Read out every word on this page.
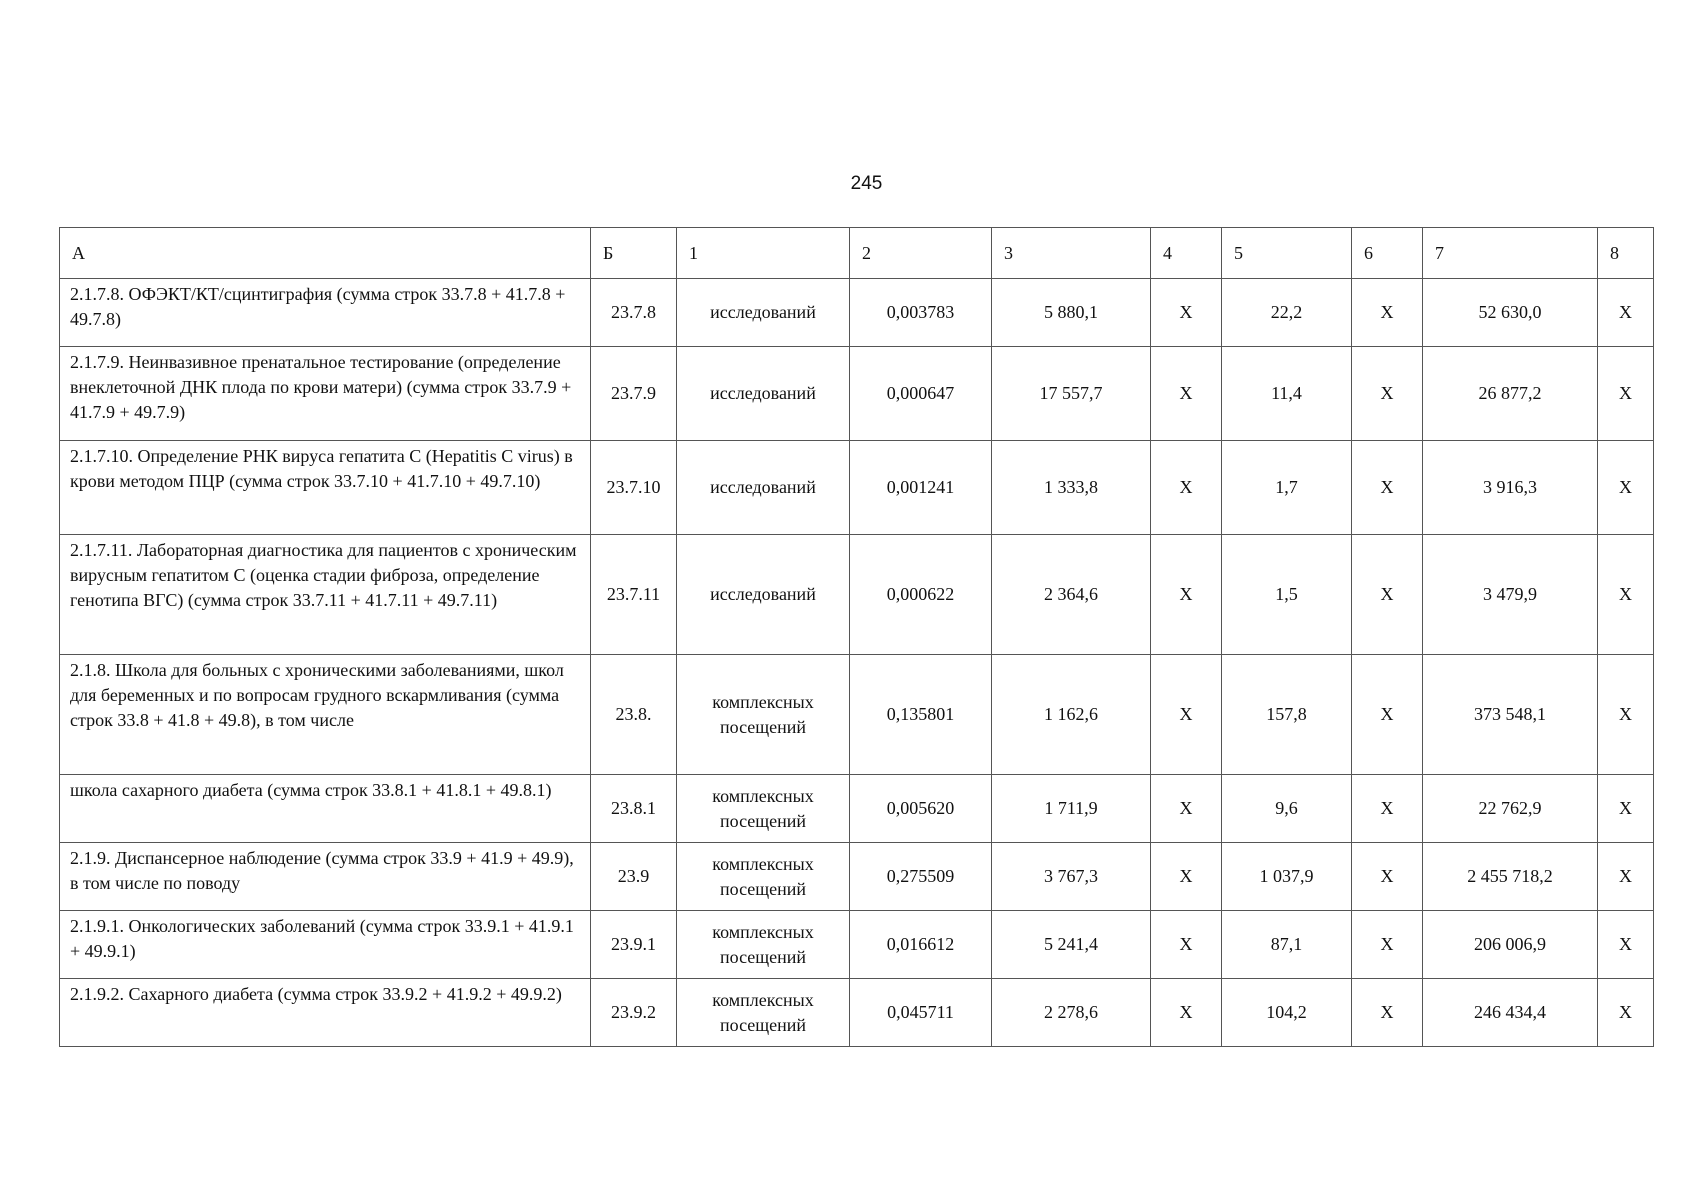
245
А	Б	1	2	3	4	5	6	7	8
2.1.7.8. ОФЭКТ/КТ/сцинтиграфия (сумма строк 33.7.8 + 41.7.8 + 49.7.8)	23.7.8	исследований	0,003783	5 880,1	X	22,2	X	52 630,0	X
2.1.7.9. Неинвазивное пренатальное тестирование (определение внеклеточной ДНК плода по крови матери) (сумма строк 33.7.9 + 41.7.9 + 49.7.9)	23.7.9	исследований	0,000647	17 557,7	X	11,4	X	26 877,2	X
2.1.7.10. Определение РНК вируса гепатита С (Hepatitis C virus) в крови методом ПЦР (сумма строк 33.7.10 + 41.7.10 + 49.7.10)	23.7.10	исследований	0,001241	1 333,8	X	1,7	X	3 916,3	X
2.1.7.11. Лабораторная диагностика для пациентов с хроническим вирусным гепатитом С (оценка стадии фиброза, определение генотипа ВГС) (сумма строк 33.7.11 + 41.7.11 + 49.7.11)	23.7.11	исследований	0,000622	2 364,6	X	1,5	X	3 479,9	X
2.1.8. Школа для больных с хроническими заболеваниями, школ для беременных и по вопросам грудного вскармливания (сумма строк 33.8 + 41.8 + 49.8), в том числе	23.8.	комплексных посещений	0,135801	1 162,6	X	157,8	X	373 548,1	X
школа сахарного диабета (сумма строк 33.8.1 + 41.8.1 + 49.8.1)	23.8.1	комплексных посещений	0,005620	1 711,9	X	9,6	X	22 762,9	X
2.1.9. Диспансерное наблюдение (сумма строк 33.9 + 41.9 + 49.9), в том числе по поводу	23.9	комплексных посещений	0,275509	3 767,3	X	1 037,9	X	2 455 718,2	X
2.1.9.1. Онкологических заболеваний (сумма строк 33.9.1 + 41.9.1 + 49.9.1)	23.9.1	комплексных посещений	0,016612	5 241,4	X	87,1	X	206 006,9	X
2.1.9.2. Сахарного диабета (сумма строк 33.9.2 + 41.9.2 + 49.9.2)	23.9.2	комплексных посещений	0,045711	2 278,6	X	104,2	X	246 434,4	X
